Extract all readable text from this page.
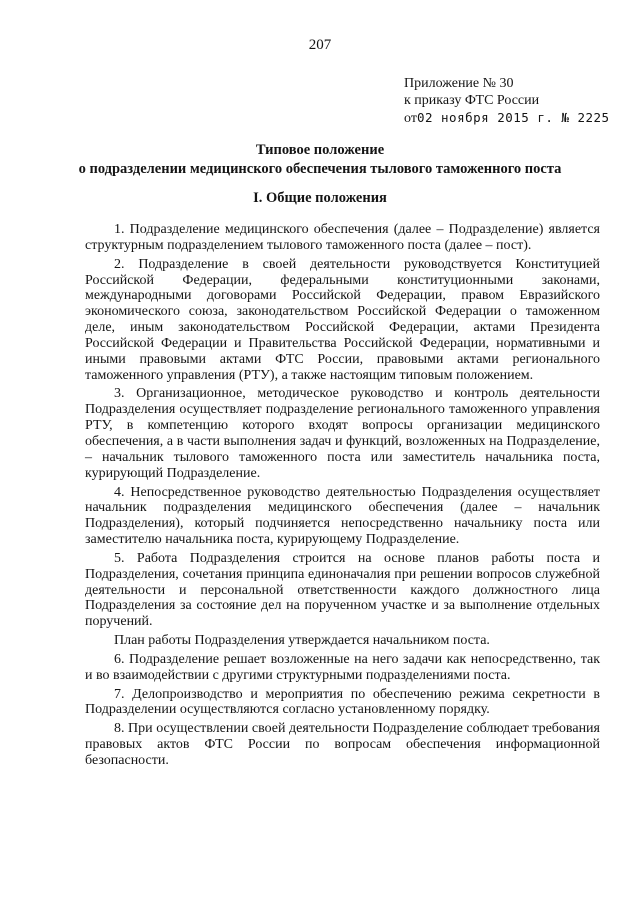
207
Приложение № 30
к приказу ФТС России
от02 ноября 2015 г. № 2225
Типовое положение
о подразделении медицинского обеспечения тылового таможенного поста
I. Общие положения

1. Подразделение медицинского обеспечения (далее – Подразделение) является структурным подразделением тылового таможенного поста (далее – пост).

2. Подразделение в своей деятельности руководствуется Конституцией Российской Федерации, федеральными конституционными законами, международными договорами Российской Федерации, правом Евразийского экономического союза, законодательством Российской Федерации о таможенном деле, иным законодательством Российской Федерации, актами Президента Российской Федерации и Правительства Российской Федерации, нормативными и иными правовыми актами ФТС России, правовыми актами регионального таможенного управления (РТУ), а также настоящим типовым положением.

3. Организационное, методическое руководство и контроль деятельности Подразделения осуществляет подразделение регионального таможенного управления РТУ, в компетенцию которого входят вопросы организации медицинского обеспечения, а в части выполнения задач и функций, возложенных на Подразделение, – начальник тылового таможенного поста или заместитель начальника поста, курирующий Подразделение.

4. Непосредственное руководство деятельностью Подразделения осуществляет начальник подразделения медицинского обеспечения (далее – начальник Подразделения), который подчиняется непосредственно начальнику поста или заместителю начальника поста, курирующему Подразделение.

5. Работа Подразделения строится на основе планов работы поста и Подразделения, сочетания принципа единоначалия при решении вопросов служебной деятельности и персональной ответственности каждого должностного лица Подразделения за состояние дел на порученном участке и за выполнение отдельных поручений.

План работы Подразделения утверждается начальником поста.

6. Подразделение решает возложенные на него задачи как непосредственно, так и во взаимодействии с другими структурными подразделениями поста.

7. Делопроизводство и мероприятия по обеспечению режима секретности в Подразделении осуществляются согласно установленному порядку.

8. При осуществлении своей деятельности Подразделение соблюдает требования правовых актов ФТС России по вопросам обеспечения информационной безопасности.
